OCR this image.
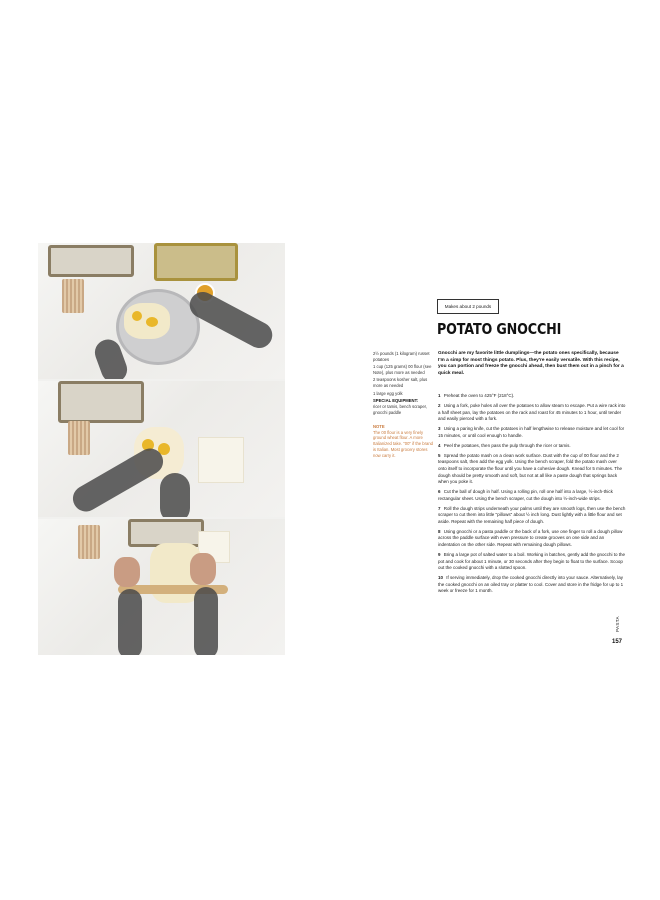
Makes about 2 pounds
POTATO GNOCCHI
Gnocchi are my favorite little dumplings—the potato ones specifically, because I'm a simp for most things potato. Plus, they're easily versatile. With this recipe, you can portion and freeze the gnocchi ahead, then bust them out in a pinch for a quick meal.
2½ pounds (1 kilogram) russet potatoes
1 cup (125 grams) 00 flour (see Note), plus more as needed
2 teaspoons kosher salt, plus more as needed
1 large egg yolk
SPECIAL EQUIPMENT:
ricer or tamis, bench scraper, gnocchi paddle
NOTE
The 00 flour is a very finely ground wheat flour. A more Italianized take. "00" if the brand is Italian. Most grocery stores now carry it.
1 Preheat the oven to 425°F (218°C).
2 Using a fork, poke holes all over the potatoes to allow steam to escape. Put a wire rack into a half sheet pan, lay the potatoes on the rack and roast for 45 minutes to 1 hour, until tender and easily pierced with a fork.
3 Using a paring knife, cut the potatoes in half lengthwise to release moisture and let cool for 15 minutes, or until cool enough to handle.
4 Peel the potatoes, then pass the pulp through the ricer or tamis.
5 Spread the potato mash on a clean work surface. Dust with the cup of 00 flour and the 2 teaspoons salt, then add the egg yolk. Using the bench scraper, fold the potato mash over onto itself to incorporate the flour until you have a cohesive dough. Knead for 5 minutes. The dough should be pretty smooth and soft, but not at all like a paste dough that springs back when you poke it.
6 Cut the ball of dough in half. Using a rolling pin, roll one half into a large, ½-inch-thick rectangular sheet. Using the bench scraper, cut the dough into ½-inch-wide strips.
7 Roll the dough strips underneath your palms until they are smooth logs, then use the bench scraper to cut them into little "pillows" about ½ inch long. Dust lightly with a little flour and set aside. Repeat with the remaining half piece of dough.
8 Using gnocchi or a pasta paddle or the back of a fork, use one finger to roll a dough pillow across the paddle surface with even pressure to create grooves on one side and an indentation on the other side. Repeat with remaining dough pillows.
9 Bring a large pot of salted water to a boil. Working in batches, gently add the gnocchi to the pot and cook for about 1 minute, or 30 seconds after they begin to float to the surface. Scoop out the cooked gnocchi with a slotted spoon.
10 If serving immediately, drop the cooked gnocchi directly into your sauce. Alternatively, lay the cooked gnocchi on an oiled tray or platter to cool. Cover and store in the fridge for up to 1 week or freeze for 1 month.
PASTA
157
